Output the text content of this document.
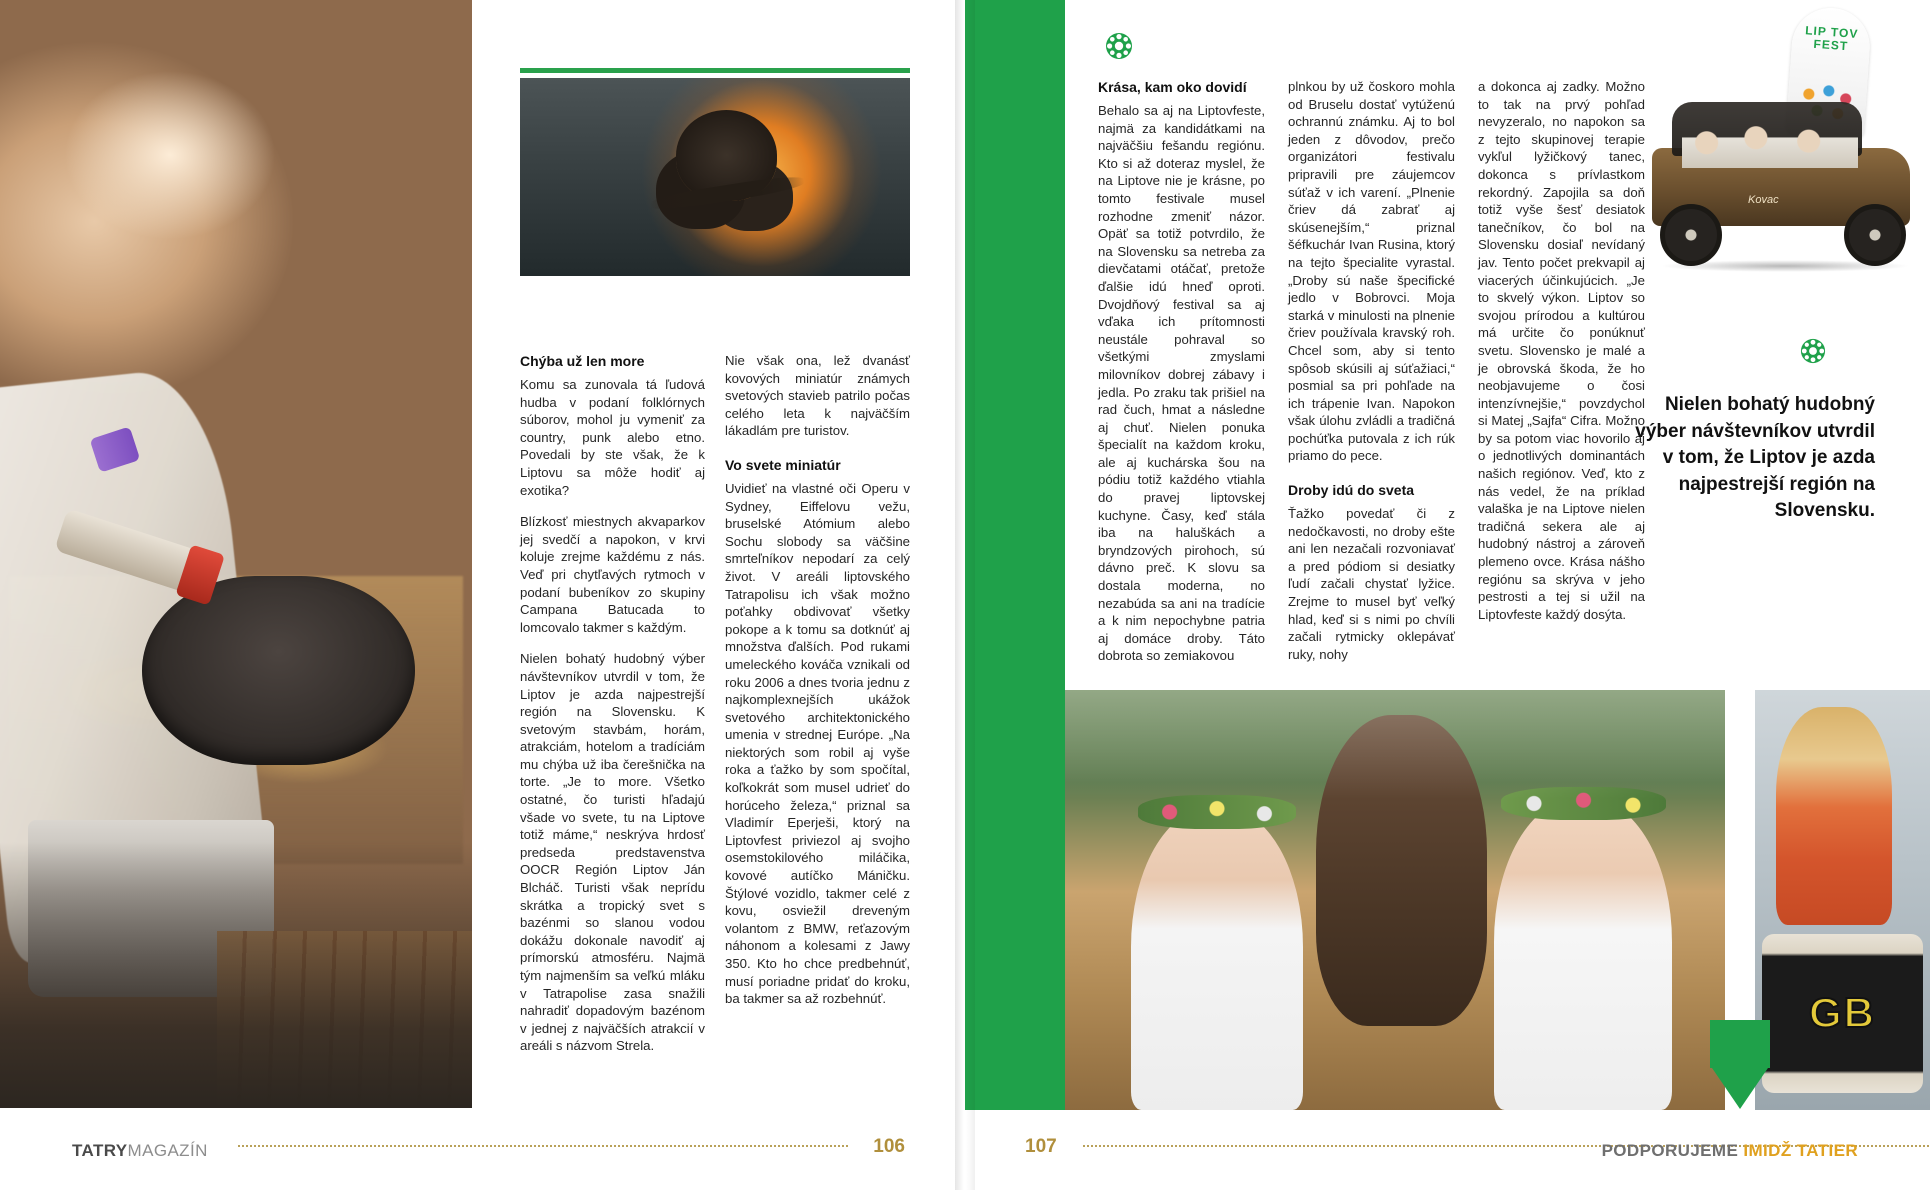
Chýba už len more

Komu sa zunovala tá ľudová hudba v podaní folklórnych súborov, mohol ju vymeniť za country, punk alebo etno. Povedali by ste však, že k Liptovu sa môže hodiť aj exotika?

Blízkosť miestnych akvaparkov jej svedčí a napokon, v krvi koluje zrejme každému z nás. Veď pri chytľavých rytmoch v podaní bubeníkov zo skupiny Campana Batucada to lomcovalo takmer s každým.

Nielen bohatý hudobný výber návštevníkov utvrdil v tom, že Liptov je azda najpestrejší región na Slovensku. K svetovým stavbám, horám, atrakciám, hotelom a tradíciám mu chýba už iba čerešnička na torte. „Je to more. Všetko ostatné, čo turisti hľadajú všade vo svete, tu na Liptove totiž máme,“ neskrýva hrdosť predseda predstavenstva OOCR Región Liptov Ján Blcháč. Turisti však neprídu skrátka a tropický svet s bazénmi so slanou vodou dokážu dokonale navodiť aj prímorskú atmosféru. Najmä tým najmenším sa veľkú mláku v Tatrapolise zasa snažili nahradiť dopadovým bazénom v jednej z najväčších atrakcií v areáli s názvom Strela.

Nie však ona, lež dvanásť kovových miniatúr známych svetových stavieb patrilo počas celého leta k najväčším lákadlám pre turistov.

Vo svete miniatúr

Uvidieť na vlastné oči Operu v Sydney, Eiffelovu vežu, bruselské Atómium alebo Sochu slobody sa väčšine smrteľníkov nepodarí za celý život. V areáli liptovského Tatrapolisu ich však možno poťahky obdivovať všetky pokope a k tomu sa dotknúť aj množstva ďalších. Pod rukami umeleckého kováča vznikali od roku 2006 a dnes tvoria jednu z najkomplexnejších ukážok svetového architektonického umenia v strednej Európe. „Na niektorých som robil aj vyše roka a ťažko by som spočítal, koľkokrát som musel udrieť do horúceho železa,“ priznal sa Vladimír Eperješi, ktorý na Liptovfest priviezol aj svojho osemstokilového miláčika, kovové autíčko Máničku. Štýlové vozidlo, takmer celé z kovu, osviežil dreveným volantom z BMW, reťazovým náhonom a kolesami z Jawy 350. Kto ho chce predbehnúť, musí poriadne pridať do kroku, ba takmer sa až rozbehnúť.

TATRYMAGAZÍN	106
LIP TOV FEST
Kovac
Krása, kam oko dovidí

Behalo sa aj na Liptovfeste, najmä za kandidátkami na najväčšiu fešandu regiónu. Kto si až doteraz myslel, že na Liptove nie je krásne, po tomto festivale musel rozhodne zmeniť názor. Opäť sa totiž potvrdilo, že na Slovensku sa netreba za dievčatami otáčať, pretože ďalšie idú hneď oproti. Dvojdňový festival sa aj vďaka ich prítomnosti neustále pohraval so všetkými zmyslami milovníkov dobrej zábavy i jedla. Po zraku tak prišiel na rad čuch, hmat a následne aj chuť. Nielen ponuka špecialít na každom kroku, ale aj kuchárska šou na pódiu totiž každého vtiahla do pravej liptovskej kuchyne. Časy, keď stála iba na haluškách a bryndzových pirohoch, sú dávno preč. K slovu sa dostala moderna, no nezabúda sa ani na tradície a k nim nepochybne patria aj domáce droby. Táto dobrota so zemiakovou

plnkou by už čoskoro mohla od Bruselu dostať vytúženú ochrannú známku. Aj to bol jeden z dôvodov, prečo organizátori festivalu pripravili pre záujemcov súťaž v ich varení. „Plnenie čriev dá zabrať aj skúsenejším,“ priznal šéfkuchár Ivan Rusina, ktorý na tejto špecialite vyrastal. „Droby sú naše špecifické jedlo v Bobrovci. Moja starká v minulosti na plnenie čriev používala kravský roh. Chcel som, aby si tento spôsob skúsili aj súťažiaci,“ posmial sa pri pohľade na ich trápenie Ivan. Napokon však úlohu zvládli a tradičná pochúťka putovala z ich rúk priamo do pece.

Droby idú do sveta

Ťažko povedať či z nedočkavosti, no droby ešte ani len nezačali rozvoniavať a pred pódiom si desiatky ľudí začali chystať lyžice. Zrejme to musel byť veľký hlad, keď si s nimi po chvíli začali rytmicky oklepávať ruky, nohy

a dokonca aj zadky. Možno to tak na prvý pohľad nevyzeralo, no napokon sa z tejto skupinovej terapie vykľul lyžičkový tanec, dokonca s prívlastkom rekordný. Zapojila sa doň totiž vyše šesť desiatok tanečníkov, čo bol na Slovensku dosiaľ nevídaný jav. Tento počet prekvapil aj viacerých účinkujúcich. „Je to skvelý výkon. Liptov so svojou prírodou a kultúrou má určite čo ponúknuť svetu. Slovensko je malé a je obrovská škoda, že ho neobjavujeme o čosi intenzívnejšie,“ povzdychol si Matej „Sajfa“ Cifra. Možno by sa potom viac hovorilo aj o jednotlivých dominantách našich regiónov. Veď, kto z nás vedel, že na príklad valaška je na Liptove nielen tradičná sekera ale aj hudobný nástroj a zároveň plemeno ovce. Krása nášho regiónu sa skrýva v jeho pestrosti a tej si užil na Liptovfeste každý dosýta.

Nielen bohatý hudobný výber návštevníkov utvrdil v tom, že Liptov je azda najpestrejší región na Slovensku.
GB
107	PODPORUJEME IMIDŽ TATIER
